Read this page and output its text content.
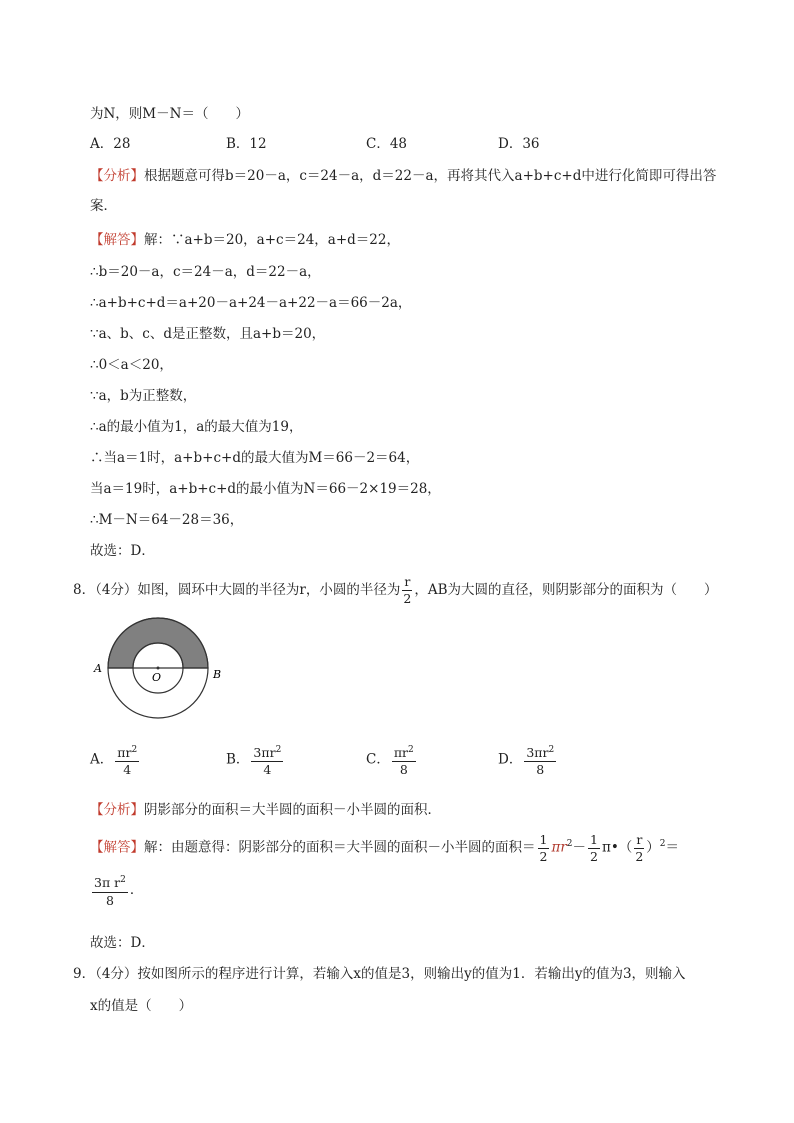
为N，则M－N＝（　　）
A．28	B．12	C．48	D．36
【分析】根据题意可得b＝20－a，c＝24－a，d＝22－a，再将其代入a+b+c+d中进行化简即可得出答
案．
【解答】解：∵a+b＝20，a+c＝24，a+d＝22，
∴b＝20－a，c＝24－a，d＝22－a，
∴a+b+c+d＝a+20－a+24－a+22－a＝66－2a，
∵a、b、c、d是正整数，且a+b＝20，
∴0＜a＜20，
∵a，b为正整数，
∴a的最小值为1，a的最大值为19，
∴当a＝1时，a+b+c+d的最大值为M＝66－2＝64，
当a＝19时，a+b+c+d的最小值为N＝66－2×19＝28，
∴M－N＝64－28＝36，
故选：D．
8．（4分）如图，圆环中大圆的半径为r，小圆的半径为 $\frac{r}{2}$ ，AB为大圆的直径，则阴影部分的面积为（　　）
A	B
O
A． $\frac{\pi r^2}{4}$	B． $\frac{3\pi r^2}{4}$	C． $\frac{\pi r^2}{8}$	D． $\frac{3\pi r^2}{8}$
【分析】阴影部分的面积＝大半圆的面积－小半圆的面积．
【解答】解：由题意得：阴影部分的面积＝大半圆的面积－小半圆的面积＝ $\frac{1}{2} \pi r^2- \frac{1}{2}$ π•（ $\frac{r}{2} )^2=$
$\frac{3\pi r^2}{8}$ ．
故选：D．
9．（4分）按如图所示的程序进行计算，若输入x的值是3，则输出y的值为1．若输出y的值为3，则输入
x的值是（　　）
